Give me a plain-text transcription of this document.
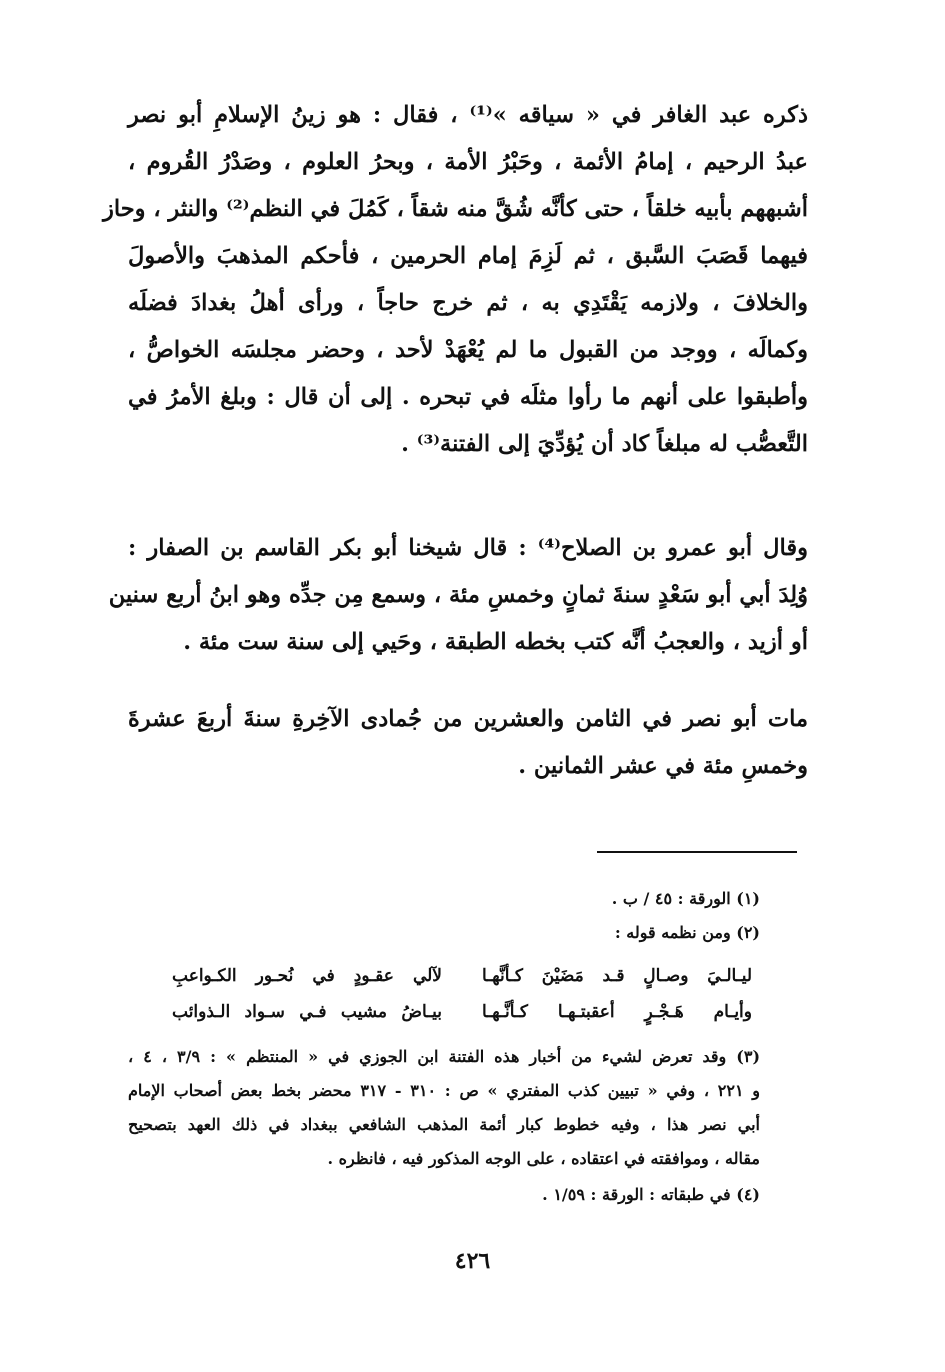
ذكره عبد الغافر في « سياقه »⁽¹⁾ ، فقال : هو زينُ الإسلامِ أبو نصر
عبدُ الرحيم ، إمامُ الأئمة ، وحَبْرُ الأمة ، وبحرُ العلوم ، وصَدْرُ القُروم ،
أشبههم بأبيه خلقاً ، حتى كأنَّه شُقَّ منه شقاً ، كَمُلَ في النظم⁽²⁾ والنثر ، وحاز
فيهما قَصَبَ السَّبق ، ثم لَزِمَ إمام الحرمين ، فأحكم المذهبَ والأصولَ
والخلافَ ، ولازمه يَقْتَدِي به ، ثم خرج حاجاً ، ورأى أهلُ بغدادَ فضلَه
وكمالَه ، ووجد من القبول ما لم يُعْهَدْ لأحد ، وحضر مجلسَه الخواصُّ ،
وأطبقوا على أنهم ما رأوا مثلَه في تبحره . إلى أن قال : وبلغ الأمرُ في
التَّعصُّب له مبلغاً كاد أن يُؤدِّيَ إلى الفتنة⁽³⁾ .
وقال أبو عمرو بن الصلاح⁽⁴⁾ : قال شيخنا أبو بكر القاسم بن الصفار :
وُلِدَ أبي أبو سَعْدٍ سنةَ ثمانٍ وخمسِ مئة ، وسمع مِن جدِّه وهو ابنُ أربع سنين
أو أزيد ، والعجبُ أنَّه كتب بخطه الطبقة ، وحَيي إلى سنة ست مئة .
مات أبو نصر في الثامن والعشرين من جُمادى الآخِرةِ سنةَ أربعَ عشرةَ
وخمسِ مئة في عشر الثمانين .
(١) الورقة : ٤٥ / ب .
(٢) ومن نظمه قوله :
ليـالـيَ وصـالٍ قـد مَضَيْنَ كـأنَّهـا
لآلي عقـودٍ في نُحـور الكـواعبِ
وأيـام هَـجْـرٍ أعقبتـهـا كـأنَّـهـا
بيـاضُ مشيب فـي سـواد الـذوائب
(٣) وقد تعرض لشيء من أخبار هذه الفتنة ابن الجوزي في « المنتظم » : ٣/٩ ، ٤ ،
و ٢٢١ ، وفي « تبيين كذب المفتري » ص : ٣١٠ - ٣١٧ محضر بخط بعض أصحاب الإمام
أبي نصر هذا ، وفيه خطوط كبار أئمة المذهب الشافعي ببغداد في ذلك العهد بتصحيح
مقاله ، وموافقته في اعتقاده ، على الوجه المذكور فيه ، فانظره .
(٤) في طبقاته : الورقة : ١/٥٩ .
٤٢٦
